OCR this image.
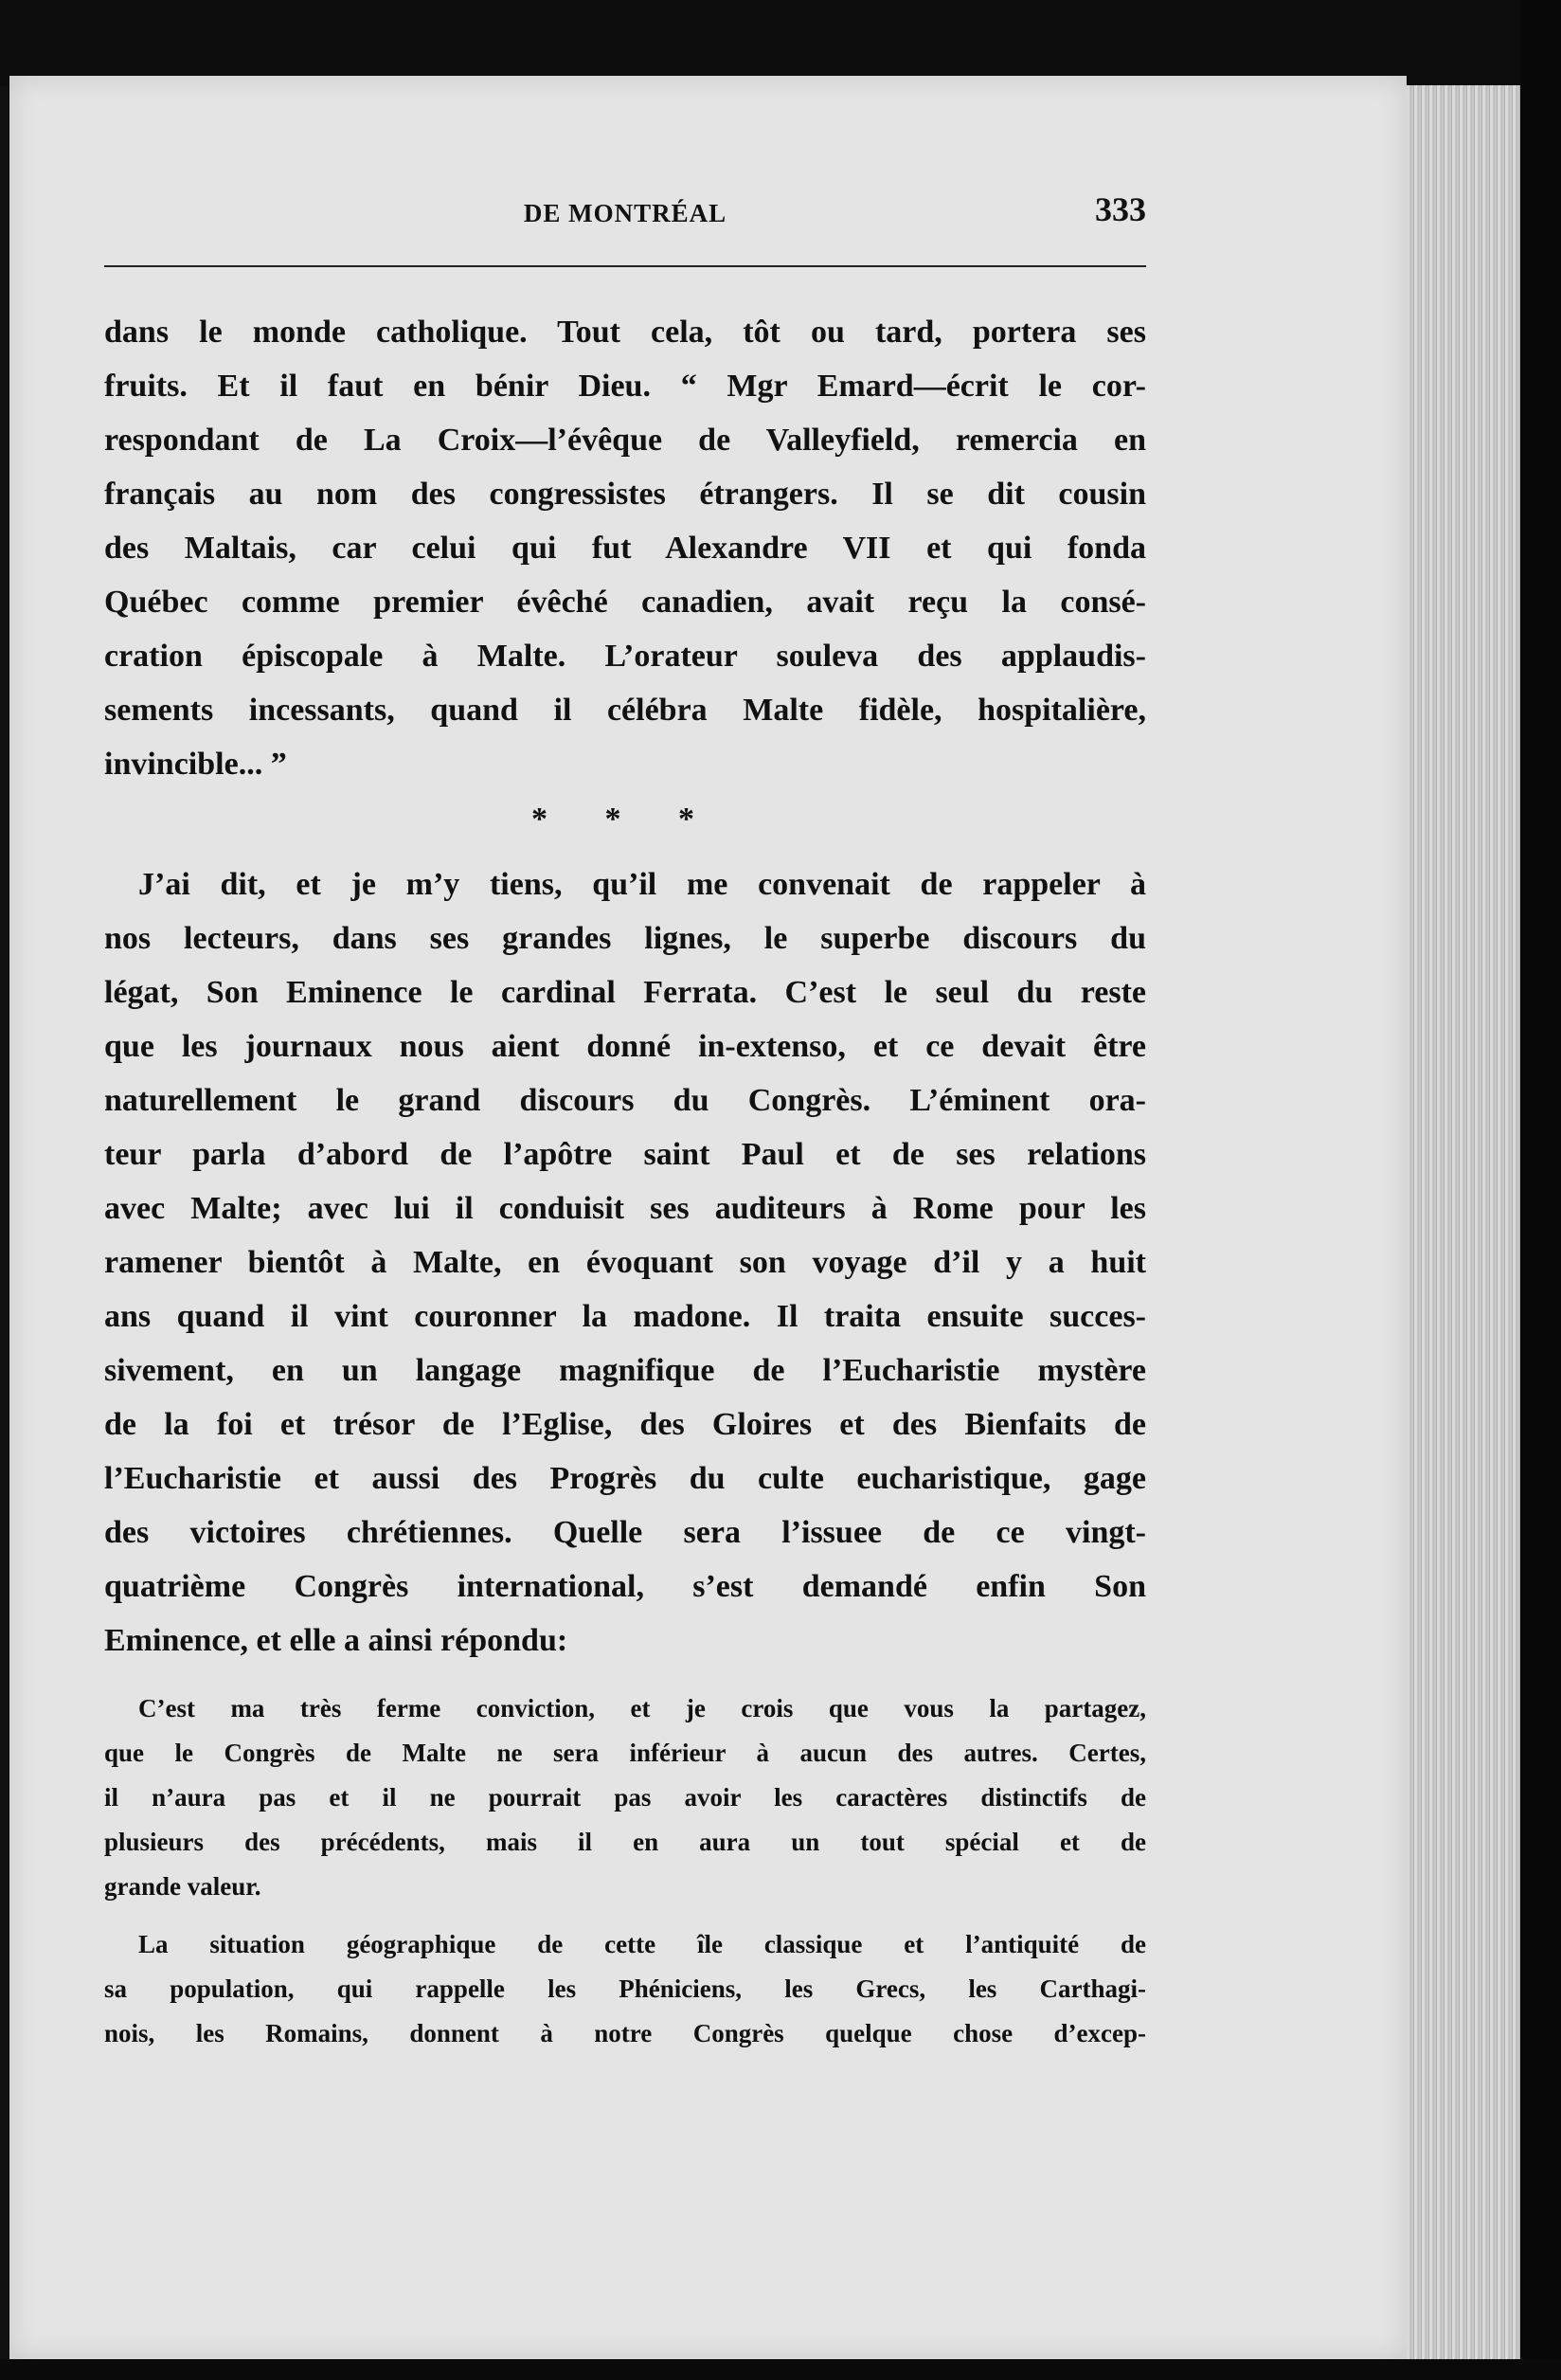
DE MONTRÉAL	333
dans le monde catholique. Tout cela, tôt ou tard, portera ses
fruits. Et il faut en bénir Dieu. “ Mgr Emard—écrit le cor-
respondant de La Croix—l’évêque de Valleyfield, remercia en
français au nom des congressistes étrangers. Il se dit cousin
des Maltais, car celui qui fut Alexandre VII et qui fonda
Québec comme premier évêché canadien, avait reçu la consé-
cration épiscopale à Malte. L’orateur souleva des applaudis-
sements incessants, quand il célébra Malte fidèle, hospitalière,
invincible... ”
* * *
J’ai dit, et je m’y tiens, qu’il me convenait de rappeler à
nos lecteurs, dans ses grandes lignes, le superbe discours du
légat, Son Eminence le cardinal Ferrata. C’est le seul du reste
que les journaux nous aient donné in-extenso, et ce devait être
naturellement le grand discours du Congrès. L’éminent ora-
teur parla d’abord de l’apôtre saint Paul et de ses relations
avec Malte; avec lui il conduisit ses auditeurs à Rome pour les
ramener bientôt à Malte, en évoquant son voyage d’il y a huit
ans quand il vint couronner la madone. Il traita ensuite succes-
sivement, en un langage magnifique de l’Eucharistie mystère
de la foi et trésor de l’Eglise, des Gloires et des Bienfaits de
l’Eucharistie et aussi des Progrès du culte eucharistique, gage
des victoires chrétiennes. Quelle sera l’issuee de ce vingt-
quatrième Congrès international, s’est demandé enfin Son
Eminence, et elle a ainsi répondu:
C’est ma très ferme conviction, et je crois que vous la partagez,
que le Congrès de Malte ne sera inférieur à aucun des autres. Certes,
il n’aura pas et il ne pourrait pas avoir les caractères distinctifs de
plusieurs des précédents, mais il en aura un tout spécial et de
grande valeur.
La situation géographique de cette île classique et l’antiquité de
sa population, qui rappelle les Phéniciens, les Grecs, les Carthagi-
nois, les Romains, donnent à notre Congrès quelque chose d’excep-
